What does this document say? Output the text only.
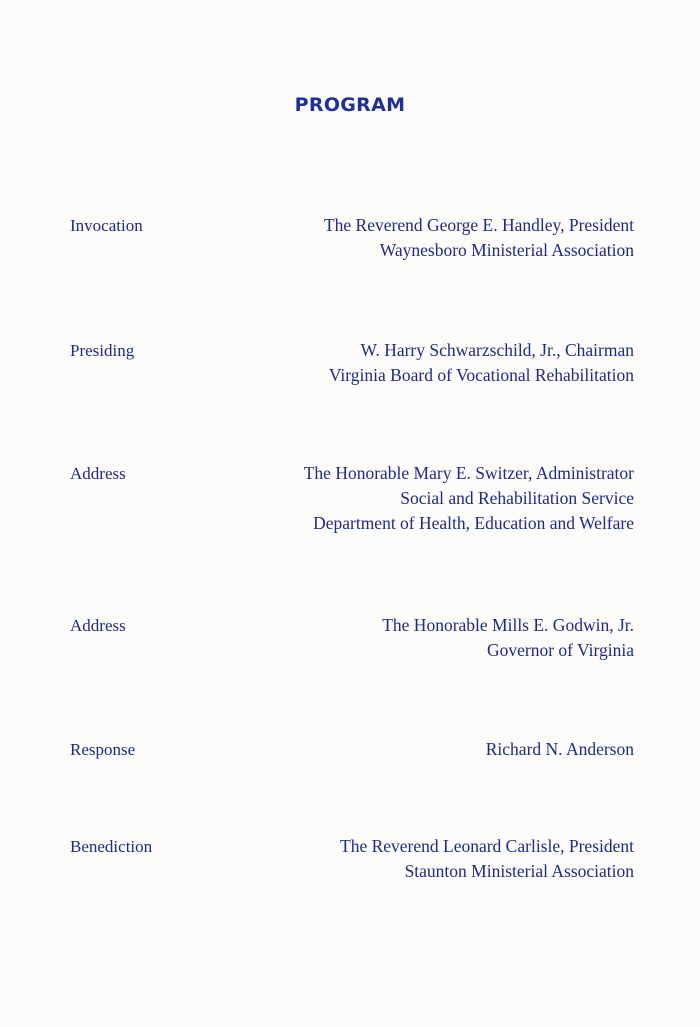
PROGRAM
Invocation	The Reverend George E. Handley, President
Waynesboro Ministerial Association
Presiding	W. Harry Schwarzschild, Jr., Chairman
Virginia Board of Vocational Rehabilitation
Address	The Honorable Mary E. Switzer, Administrator
Social and Rehabilitation Service
Department of Health, Education and Welfare
Address	The Honorable Mills E. Godwin, Jr.
Governor of Virginia
Response	Richard N. Anderson
Benediction	The Reverend Leonard Carlisle, President
Staunton Ministerial Association
